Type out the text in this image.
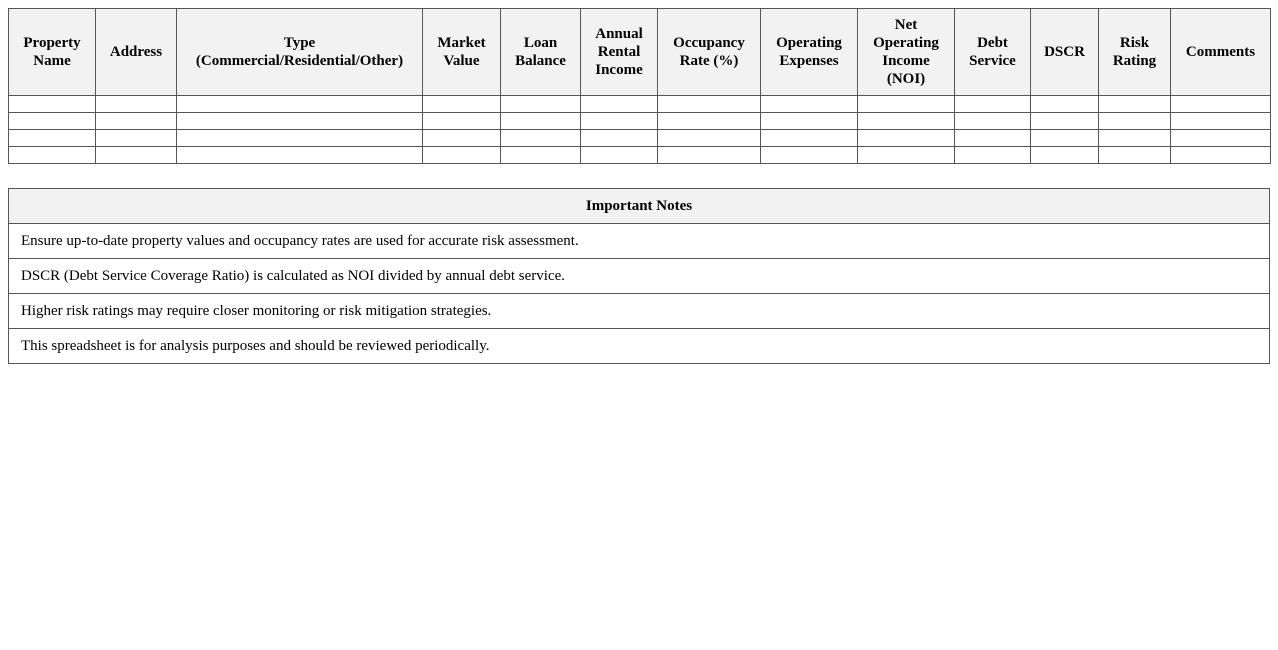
Property Name	Address	Type (Commercial/Residential/Other)	Market Value	Loan Balance	Annual Rental Income	Occupancy Rate (%)	Operating Expenses	Net Operating Income (NOI)	Debt Service	DSCR	Risk Rating	Comments

Important Notes
Ensure up-to-date property values and occupancy rates are used for accurate risk assessment.
DSCR (Debt Service Coverage Ratio) is calculated as NOI divided by annual debt service.
Higher risk ratings may require closer monitoring or risk mitigation strategies.
This spreadsheet is for analysis purposes and should be reviewed periodically.
